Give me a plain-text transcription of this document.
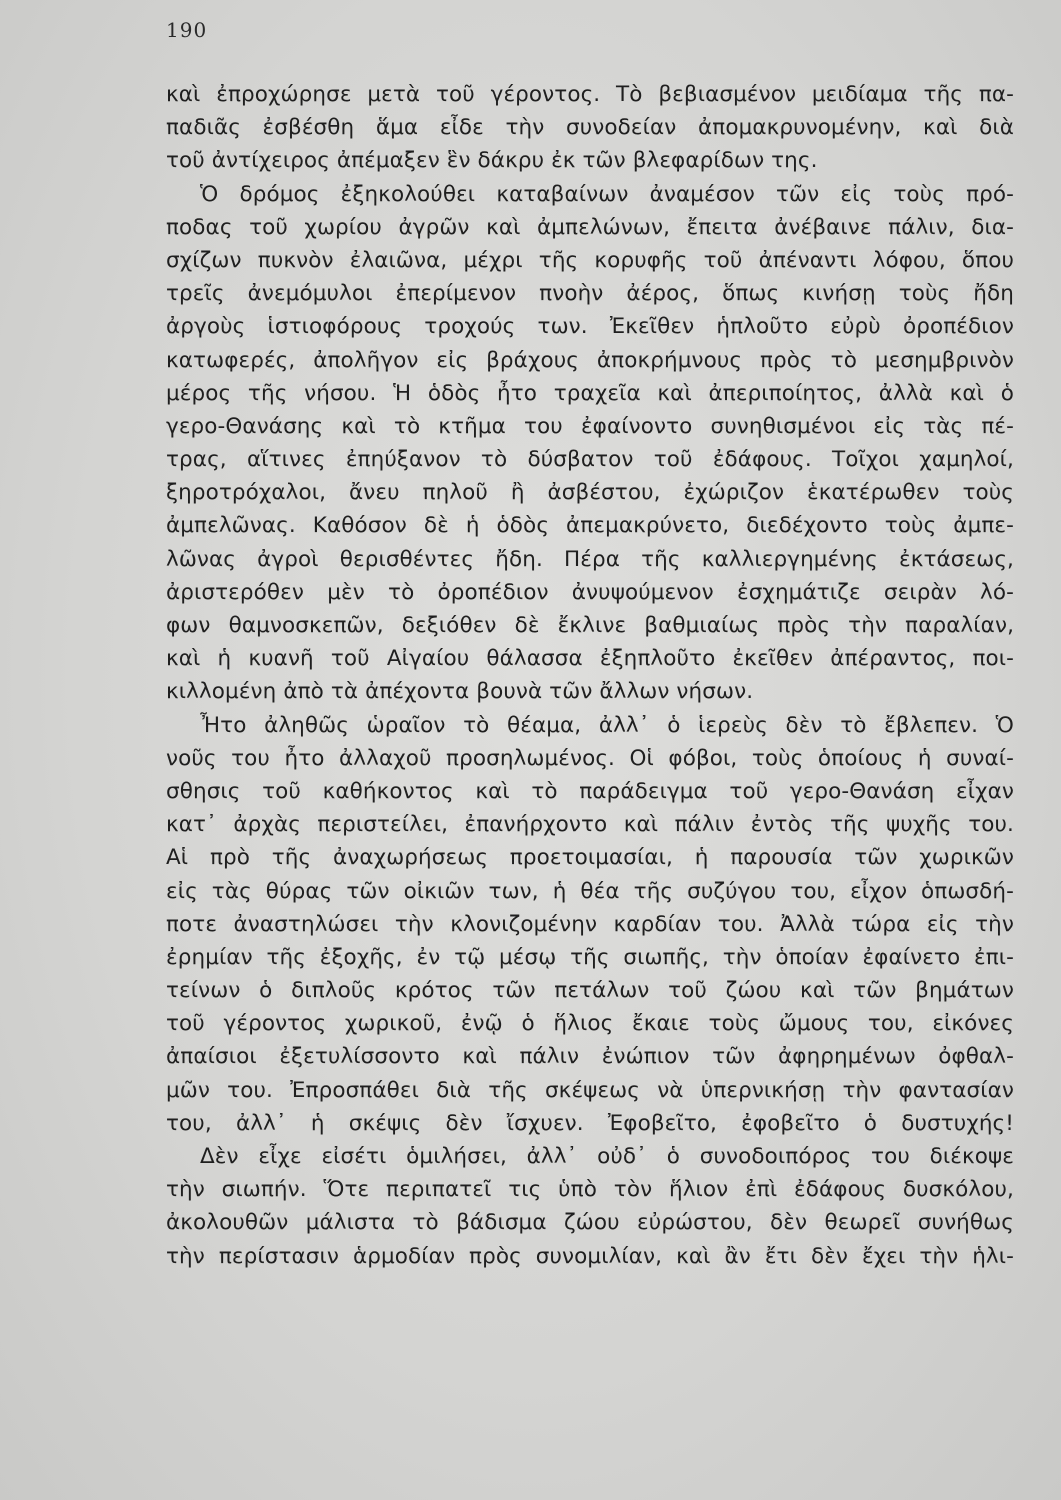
190
καὶ ἐπροχώρησε μετὰ τοῦ γέροντος. Τὸ βεβιασμένον μειδίαμα τῆς πα-
παδιᾶς ἐσβέσθη ἅμα εἶδε τὴν συνοδείαν ἀπομακρυνομένην, καὶ διὰ
τοῦ ἀντίχειρος ἀπέμαξεν ἓν δάκρυ ἐκ τῶν βλεφαρίδων της.
Ὁ δρόμος ἐξηκολούθει καταβαίνων ἀναμέσον τῶν εἰς τοὺς πρό-
ποδας τοῦ χωρίου ἀγρῶν καὶ ἀμπελώνων, ἔπειτα ἀνέβαινε πάλιν, δια-
σχίζων πυκνὸν ἐλαιῶνα, μέχρι τῆς κορυφῆς τοῦ ἀπέναντι λόφου, ὅπου
τρεῖς ἀνεμόμυλοι ἐπερίμενον πνοὴν ἀέρος, ὅπως κινήσῃ τοὺς ἤδη
ἀργοὺς ἱστιοφόρους τροχούς των. Ἐκεῖθεν ἡπλοῦτο εὐρὺ ὀροπέδιον
κατωφερές, ἀπολῆγον εἰς βράχους ἀποκρήμνους πρὸς τὸ μεσημβρινὸν
μέρος τῆς νήσου. Ἡ ὁδὸς ἦτο τραχεῖα καὶ ἀπεριποίητος, ἀλλὰ καὶ ὁ
γερο-Θανάσης καὶ τὸ κτῆμα του ἐφαίνοντο συνηθισμένοι εἰς τὰς πέ-
τρας, αἵτινες ἐπηύξανον τὸ δύσβατον τοῦ ἐδάφους. Τοῖχοι χαμηλοί,
ξηροτρόχαλοι, ἄνευ πηλοῦ ἢ ἀσβέστου, ἐχώριζον ἑκατέρωθεν τοὺς
ἀμπελῶνας. Καθόσον δὲ ἡ ὁδὸς ἀπεμακρύνετο, διεδέχοντο τοὺς ἀμπε-
λῶνας ἀγροὶ θερισθέντες ἤδη. Πέρα τῆς καλλιεργημένης ἐκτάσεως,
ἀριστερόθεν μὲν τὸ ὀροπέδιον ἀνυψούμενον ἐσχημάτιζε σειρὰν λό-
φων θαμνοσκεπῶν, δεξιόθεν δὲ ἔκλινε βαθμιαίως πρὸς τὴν παραλίαν,
καὶ ἡ κυανῆ τοῦ Αἰγαίου θάλασσα ἐξηπλοῦτο ἐκεῖθεν ἀπέραντος, ποι-
κιλλομένη ἀπὸ τὰ ἀπέχοντα βουνὰ τῶν ἄλλων νήσων.
Ἦτο ἀληθῶς ὡραῖον τὸ θέαμα, ἀλλ᾽ ὁ ἱερεὺς δὲν τὸ ἔβλεπεν. Ὁ
νοῦς του ἦτο ἀλλαχοῦ προσηλωμένος. Οἱ φόβοι, τοὺς ὁποίους ἡ συναί-
σθησις τοῦ καθήκοντος καὶ τὸ παράδειγμα τοῦ γερο-Θανάση εἶχαν
κατ᾽ ἀρχὰς περιστείλει, ἐπανήρχοντο καὶ πάλιν ἐντὸς τῆς ψυχῆς του.
Αἱ πρὸ τῆς ἀναχωρήσεως προετοιμασίαι, ἡ παρουσία τῶν χωρικῶν
εἰς τὰς θύρας τῶν οἰκιῶν των, ἡ θέα τῆς συζύγου του, εἶχον ὁπωσδή-
ποτε ἀναστηλώσει τὴν κλονιζομένην καρδίαν του. Ἀλλὰ τώρα εἰς τὴν
ἐρημίαν τῆς ἐξοχῆς, ἐν τῷ μέσῳ τῆς σιωπῆς, τὴν ὁποίαν ἐφαίνετο ἐπι-
τείνων ὁ διπλοῦς κρότος τῶν πετάλων τοῦ ζώου καὶ τῶν βημάτων
τοῦ γέροντος χωρικοῦ, ἐνῷ ὁ ἥλιος ἔκαιε τοὺς ὤμους του, εἰκόνες
ἀπαίσιοι ἐξετυλίσσοντο καὶ πάλιν ἐνώπιον τῶν ἀφηρημένων ὀφθαλ-
μῶν του. Ἐπροσπάθει διὰ τῆς σκέψεως νὰ ὑπερνικήσῃ τὴν φαντασίαν
του, ἀλλ᾽ ἡ σκέψις δὲν ἴσχυεν. Ἐφοβεῖτο, ἐφοβεῖτο ὁ δυστυχής!
Δὲν εἶχε εἰσέτι ὁμιλήσει, ἀλλ᾽ οὐδ᾽ ὁ συνοδοιπόρος του διέκοψε
τὴν σιωπήν. Ὅτε περιπατεῖ τις ὑπὸ τὸν ἥλιον ἐπὶ ἐδάφους δυσκόλου,
ἀκολουθῶν μάλιστα τὸ βάδισμα ζώου εὐρώστου, δὲν θεωρεῖ συνήθως
τὴν περίστασιν ἁρμοδίαν πρὸς συνομιλίαν, καὶ ἂν ἔτι δὲν ἔχει τὴν ἡλι-
